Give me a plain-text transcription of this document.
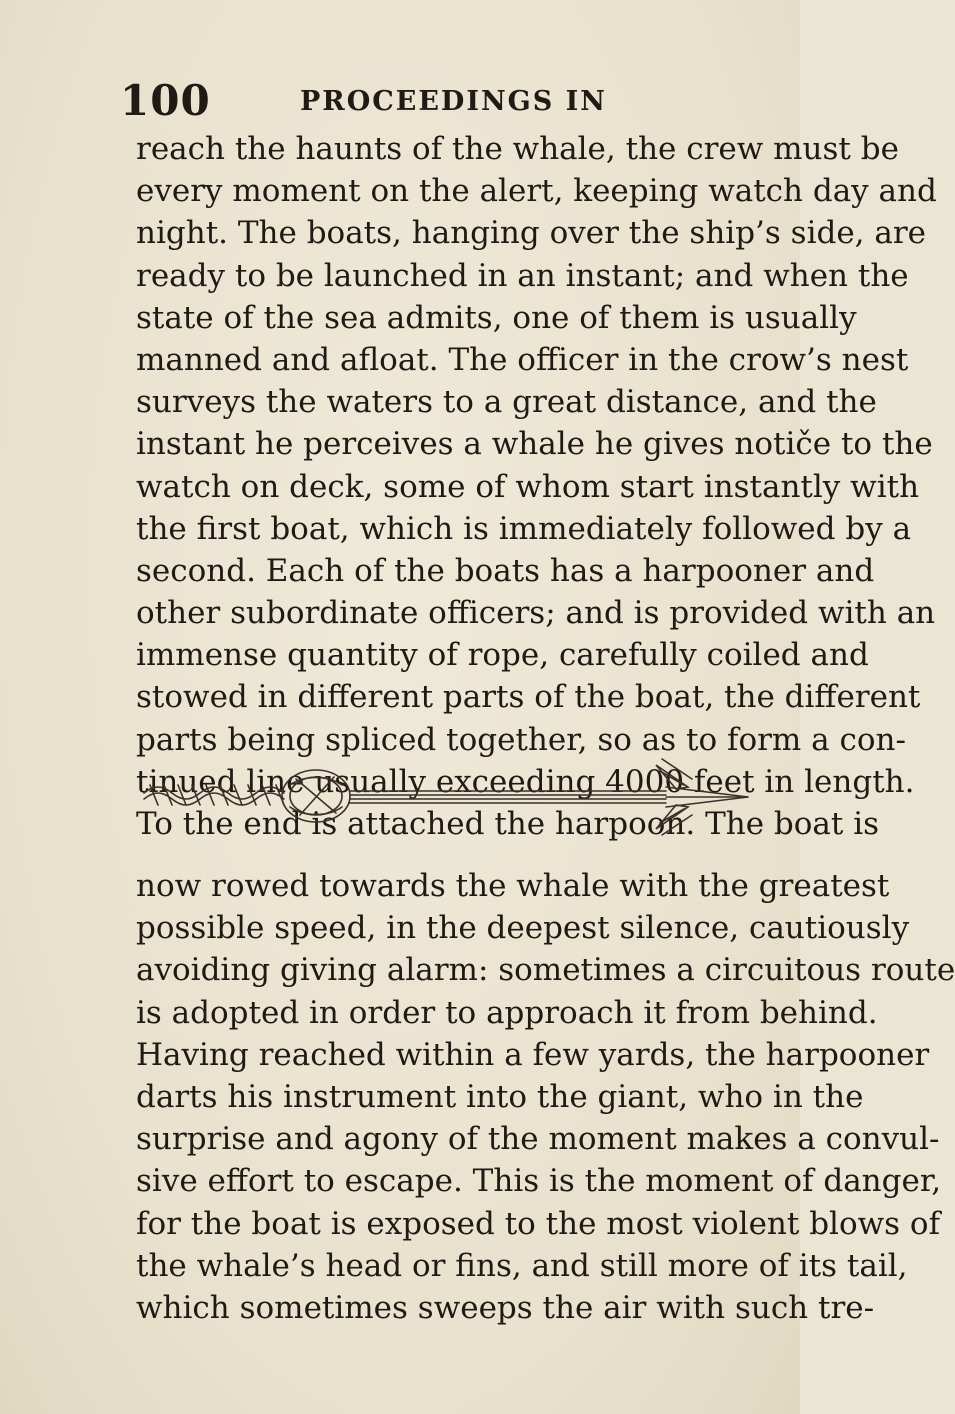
100	PROCEEDINGS IN
reach the haunts of the whale, the crew must be
every moment on the alert, keeping watch day and
night. The boats, hanging over the ship’s side, are
ready to be launched in an instant; and when the
state of the sea admits, one of them is usually
manned and afloat. The officer in the crow’s nest
surveys the waters to a great distance, and the
instant he perceives a whale he gives notiče to the
watch on deck, some of whom start instantly with
the first boat, which is immediately followed by a
second. Each of the boats has a harpooner and
other subordinate officers; and is provided with an
immense quantity of rope, carefully coiled and
stowed in different parts of the boat, the different
parts being spliced together, so as to form a con-
tinued line usually exceeding 4000 feet in length.
To the end is attached the harpoon. The boat is
now rowed towards the whale with the greatest
possible speed, in the deepest silence, cautiously
avoiding giving alarm: sometimes a circuitous route
is adopted in order to approach it from behind.
Having reached within a few yards, the harpooner
darts his instrument into the giant, who in the
surprise and agony of the moment makes a convul-
sive effort to escape. This is the moment of danger,
for the boat is exposed to the most violent blows of
the whale’s head or fins, and still more of its tail,
which sometimes sweeps the air with such tre-
